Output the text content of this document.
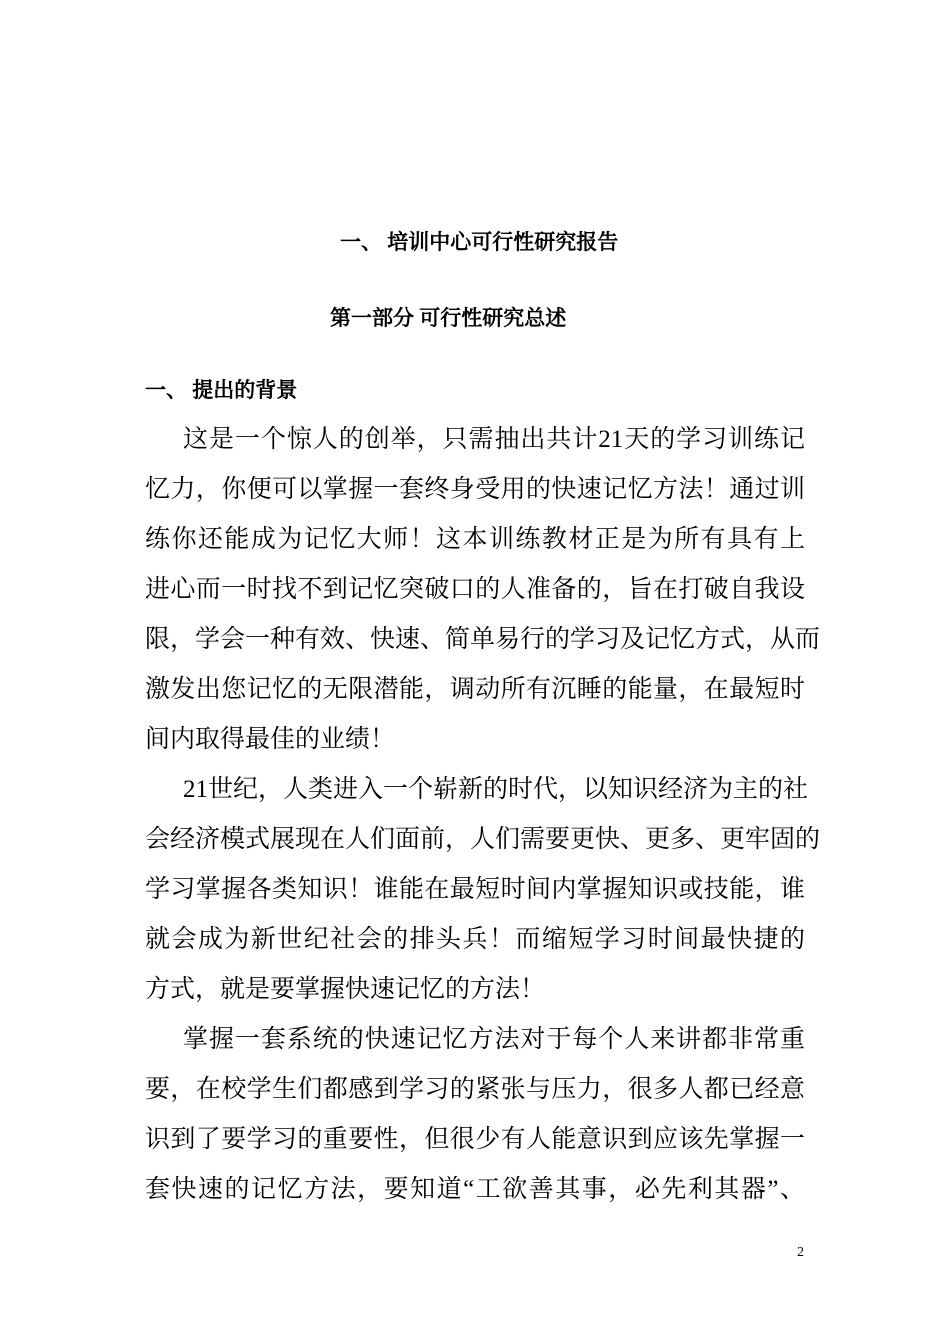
一、 培训中心可行性研究报告
第一部分 可行性研究总述
一、 提出的背景
这是一个惊人的创举，只需抽出共计21天的学习训练记
忆力，你便可以掌握一套终身受用的快速记忆方法！通过训
练你还能成为记忆大师！这本训练教材正是为所有具有上
进心而一时找不到记忆突破口的人准备的，旨在打破自我设
限，学会一种有效、快速、简单易行的学习及记忆方式，从而
激发出您记忆的无限潜能，调动所有沉睡的能量，在最短时
间内取得最佳的业绩！
21世纪，人类进入一个崭新的时代，以知识经济为主的社
会经济模式展现在人们面前，人们需要更快、更多、更牢固的
学习掌握各类知识！谁能在最短时间内掌握知识或技能，谁
就会成为新世纪社会的排头兵！而缩短学习时间最快捷的
方式，就是要掌握快速记忆的方法！
掌握一套系统的快速记忆方法对于每个人来讲都非常重
要，在校学生们都感到学习的紧张与压力，很多人都已经意
识到了要学习的重要性，但很少有人能意识到应该先掌握一
套快速的记忆方法，要知道“工欲善其事，必先利其器”、
2
